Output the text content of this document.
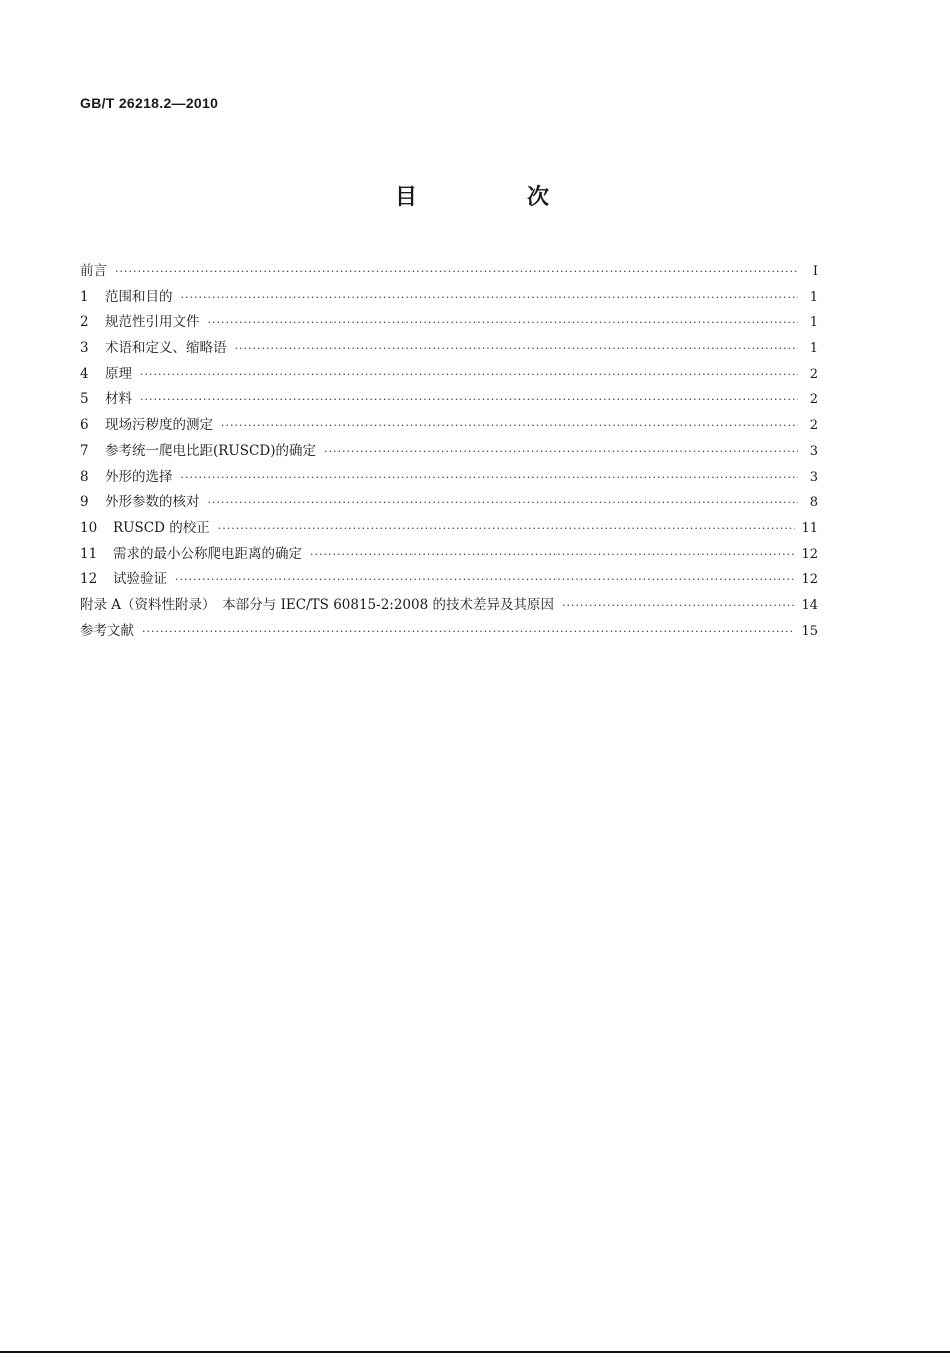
GB/T 26218.2—2010
目　次
前言 ·····	Ⅰ
1	范围和目的 ·····	1
2	规范性引用文件 ·····	1
3	术语和定义、缩略语 ·····	1
4	原理 ·····	2
5	材料 ·····	2
6	现场污秽度的测定 ·····	2
7	参考统一爬电比距(RUSCD)的确定 ·····	3
8	外形的选择 ·····	3
9	外形参数的核对 ·····	8
10	RUSCD 的校正 ·····	11
11	需求的最小公称爬电距离的确定 ·····	12
12	试验验证 ·····	12
附录 A（资料性附录）　本部分与 IEC/TS 60815-2:2008 的技术差异及其原因 ·····	14
参考文献 ·····	15
